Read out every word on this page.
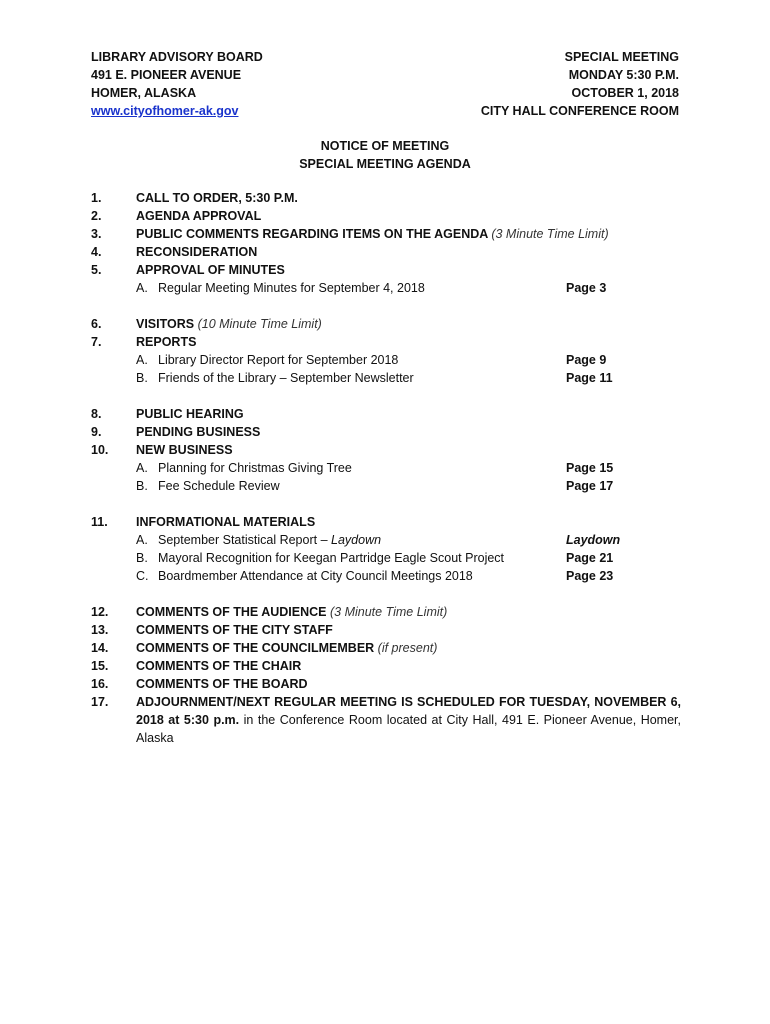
LIBRARY ADVISORY BOARD
491 E. PIONEER AVENUE
HOMER, ALASKA
www.cityofhomer-ak.gov
SPECIAL MEETING
MONDAY 5:30 P.M.
OCTOBER 1, 2018
CITY HALL CONFERENCE ROOM
NOTICE OF MEETING
SPECIAL MEETING AGENDA
1.	CALL TO ORDER, 5:30 P.M.
2.	AGENDA APPROVAL
3.	PUBLIC COMMENTS REGARDING ITEMS ON THE AGENDA (3 Minute Time Limit)
4.	RECONSIDERATION
5.	APPROVAL OF MINUTES
A. Regular Meeting Minutes for September 4, 2018	Page 3
6.	VISITORS (10 Minute Time Limit)
7.	REPORTS
A. Library Director Report for September 2018	Page 9
B. Friends of the Library – September Newsletter	Page 11
8.	PUBLIC HEARING
9.	PENDING BUSINESS
10. NEW BUSINESS
A. Planning for Christmas Giving Tree	Page 15
B. Fee Schedule Review	Page 17
11. INFORMATIONAL MATERIALS
A. September Statistical Report – Laydown	Laydown
B. Mayoral Recognition for Keegan Partridge Eagle Scout Project	Page 21
C. Boardmember Attendance at City Council Meetings 2018	Page 23
12. COMMENTS OF THE AUDIENCE (3 Minute Time Limit)
13. COMMENTS OF THE CITY STAFF
14. COMMENTS OF THE COUNCILMEMBER (if present)
15. COMMENTS OF THE CHAIR
16. COMMENTS OF THE BOARD
17. ADJOURNMENT/NEXT REGULAR MEETING IS SCHEDULED FOR TUESDAY, NOVEMBER 6, 2018 at 5:30 p.m. in the Conference Room located at City Hall, 491 E. Pioneer Avenue, Homer, Alaska
